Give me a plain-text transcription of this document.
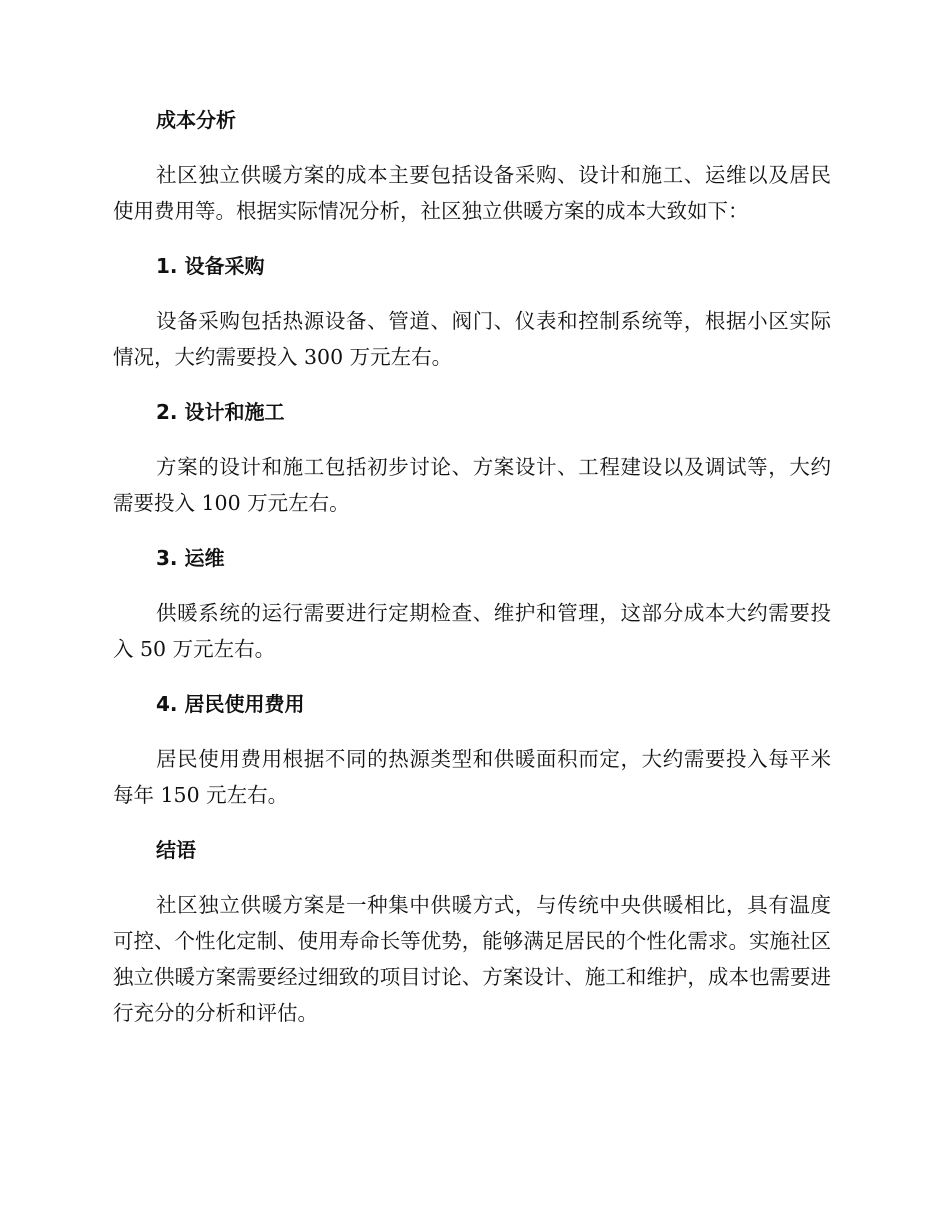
成本分析

社区独立供暖方案的成本主要包括设备采购、设计和施工、运维以及居民使用费用等。根据实际情况分析，社区独立供暖方案的成本大致如下：

1. 设备采购

设备采购包括热源设备、管道、阀门、仪表和控制系统等，根据小区实际情况，大约需要投入 300 万元左右。

2. 设计和施工

方案的设计和施工包括初步讨论、方案设计、工程建设以及调试等，大约需要投入 100 万元左右。

3. 运维

供暖系统的运行需要进行定期检查、维护和管理，这部分成本大约需要投入 50 万元左右。

4. 居民使用费用

居民使用费用根据不同的热源类型和供暖面积而定，大约需要投入每平米每年 150 元左右。

结语

社区独立供暖方案是一种集中供暖方式，与传统中央供暖相比，具有温度可控、个性化定制、使用寿命长等优势，能够满足居民的个性化需求。实施社区独立供暖方案需要经过细致的项目讨论、方案设计、施工和维护，成本也需要进行充分的分析和评估。
